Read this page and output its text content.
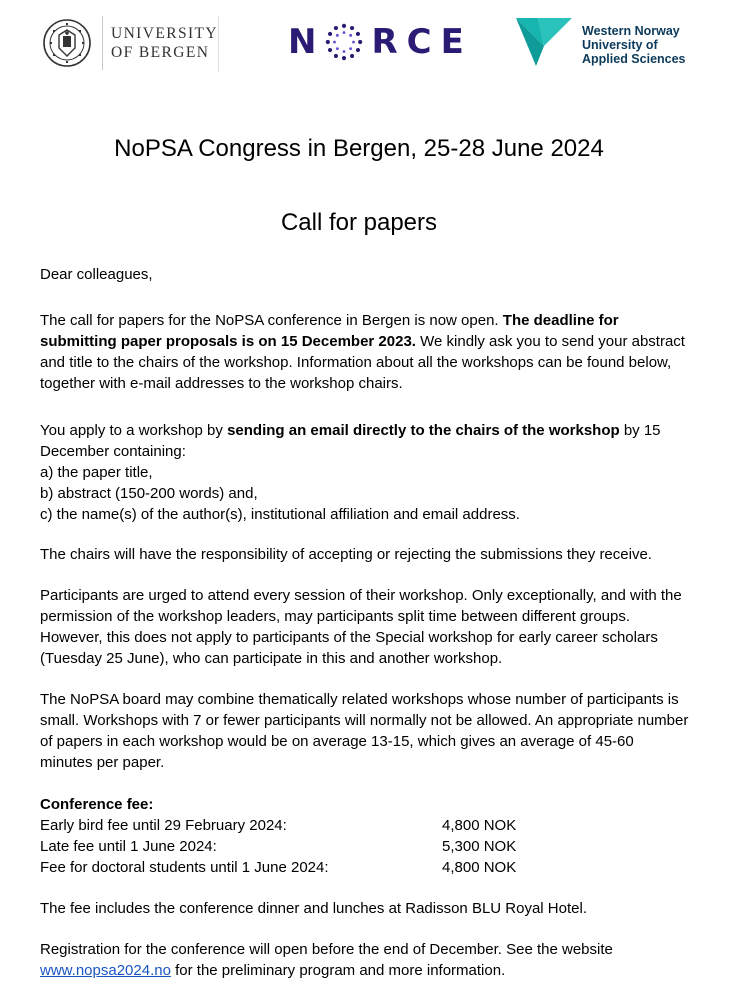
UNIVERSITY
OF BERGEN N RCE	Western Norway
University of
Applied Sciences
NoPSA Congress in Bergen, 25-28 June 2024
Call for papers

Dear colleagues,

The call for papers for the NoPSA conference in Bergen is now open. The deadline for submitting paper proposals is on 15 December 2023. We kindly ask you to send your abstract and title to the chairs of the workshop. Information about all the workshops can be found below, together with e-mail addresses to the workshop chairs.

You apply to a workshop by sending an email directly to the chairs of the workshop by 15 December containing:

a) the paper title,

b) abstract (150-200 words) and,

c) the name(s) of the author(s), institutional affiliation and email address.

The chairs will have the responsibility of accepting or rejecting the submissions they receive.

Participants are urged to attend every session of their workshop. Only exceptionally, and with the permission of the workshop leaders, may participants split time between different groups. However, this does not apply to participants of the Special workshop for early career scholars (Tuesday 25 June), who can participate in this and another workshop.

The NoPSA board may combine thematically related workshops whose number of participants is small. Workshops with 7 or fewer participants will normally not be allowed. An appropriate number of papers in each workshop would be on average 13-15, which gives an average of 45-60 minutes per paper.

Conference fee:

Early bird fee until 29 February 2024:	4,800 NOK
Late fee until 1 June 2024:	5,300 NOK
Fee for doctoral students until 1 June 2024:	4,800 NOK

The fee includes the conference dinner and lunches at Radisson BLU Royal Hotel.

Registration for the conference will open before the end of December. See the website
www.nopsa2024.no for the preliminary program and more information.
